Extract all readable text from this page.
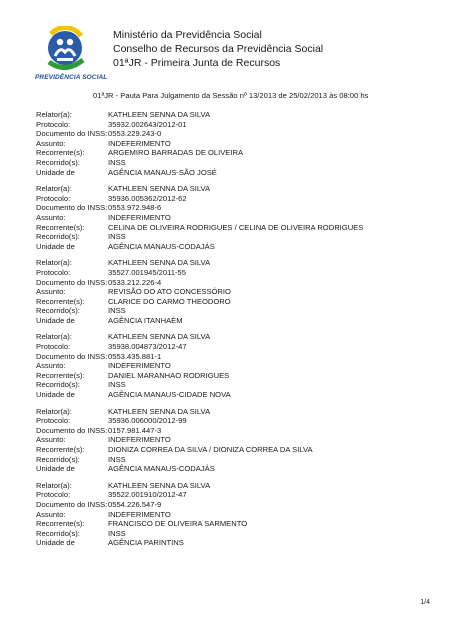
PREVIDÊNCIA SOCIAL
Ministério da Previdência Social
Conselho de Recursos da Previdência Social
01ªJR - Primeira Junta de Recursos
01ªJR - Pauta Para Julgamento da Sessão nº 13/2013 de 25/02/2013 às 08:00 hs
Relator(a):	KATHLEEN SENNA DA SILVA
Protocolo:	35932.002643/2012-01
Documento do INSS: 0553.229.243-0
Assunto:	INDEFERIMENTO
Recorrente(s):	ARGEMIRO BARRADAS DE OLIVEIRA
Recorrido(s):	INSS
Unidade de	AGÊNCIA MANAUS-SÃO JOSÉ
Relator(a):	KATHLEEN SENNA DA SILVA
Protocolo:	35936.005362/2012-62
Documento do INSS: 0553.972.948-6
Assunto:	INDEFERIMENTO
Recorrente(s):	CELINA DE OLIVEIRA RODRIGUES / CELINA DE OLIVEIRA RODRIGUES
Recorrido(s):	INSS
Unidade de	AGÊNCIA MANAUS-CODAJÁS
Relator(a):	KATHLEEN SENNA DA SILVA
Protocolo:	35527.001945/2011-55
Documento do INSS: 0533.212.226-4
Assunto:	REVISÃO DO ATO CONCESSÓRIO
Recorrente(s):	CLARICE DO CARMO THEODORO
Recorrido(s):	INSS
Unidade de	AGÊNCIA ITANHAÉM
Relator(a):	KATHLEEN SENNA DA SILVA
Protocolo:	35938.004873/2012-47
Documento do INSS: 0553.435.881-1
Assunto:	INDEFERIMENTO
Recorrente(s):	DANIEL MARANHAO RODRIGUES
Recorrido(s):	INSS
Unidade de	AGÊNCIA MANAUS-CIDADE NOVA
Relator(a):	KATHLEEN SENNA DA SILVA
Protocolo:	35936.006000/2012-99
Documento do INSS: 0157.981.447-3
Assunto:	INDEFERIMENTO
Recorrente(s):	DIONIZA CORREA DA SILVA / DIONIZA CORREA DA SILVA
Recorrido(s):	INSS
Unidade de	AGÊNCIA MANAUS-CODAJÁS
Relator(a):	KATHLEEN SENNA DA SILVA
Protocolo:	35522.001910/2012-47
Documento do INSS: 0554.226.547-9
Assunto:	INDEFERIMENTO
Recorrente(s):	FRANCISCO DE OLIVEIRA SARMENTO
Recorrido(s):	INSS
Unidade de	AGÊNCIA PARINTINS
1/4
